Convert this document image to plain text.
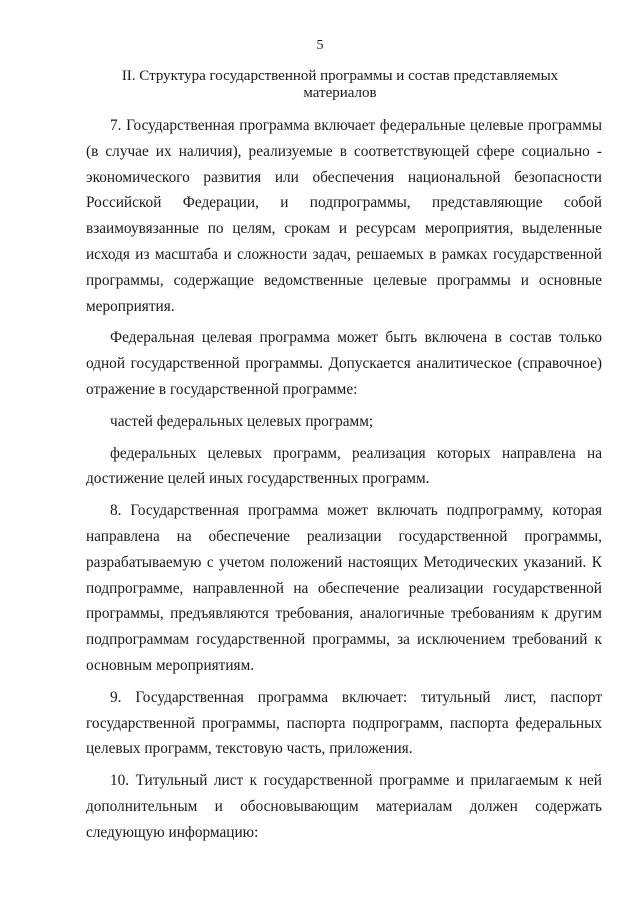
5
II. Структура государственной программы и состав представляемых материалов

7. Государственная программа включает федеральные целевые программы (в случае их наличия), реализуемые в соответствующей сфере социально - экономического развития или обеспечения национальной безопасности Российской Федерации, и подпрограммы, представляющие собой взаимоувязанные по целям, срокам и ресурсам мероприятия, выделенные исходя из масштаба и сложности задач, решаемых в рамках государственной программы, содержащие ведомственные целевые программы и основные мероприятия.

Федеральная целевая программа может быть включена в состав только одной государственной программы. Допускается аналитическое (справочное) отражение в государственной программе:

частей федеральных целевых программ;

федеральных целевых программ, реализация которых направлена на достижение целей иных государственных программ.

8. Государственная программа может включать подпрограмму, которая направлена на обеспечение реализации государственной программы, разрабатываемую с учетом положений настоящих Методических указаний. К подпрограмме, направленной на обеспечение реализации государственной программы, предъявляются требования, аналогичные требованиям к другим подпрограммам государственной программы, за исключением требований к основным мероприятиям.

9. Государственная программа включает: титульный лист, паспорт государственной программы, паспорта подпрограмм, паспорта федеральных целевых программ, текстовую часть, приложения.

10. Титульный лист к государственной программе и прилагаемым к ней дополнительным и обосновывающим материалам должен содержать следующую информацию:
